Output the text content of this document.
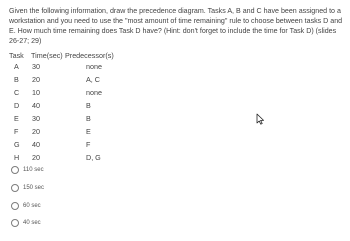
Given the following information, draw the precedence diagram. Tasks A, B and C have been assigned to a workstation and you need to use the "most amount of time remaining" rule to choose between tasks D and E. How much time remaining does Task D have? (Hint: don't forget to include the time for Task D) (slides 26-27; 29)
Task Time(sec) Predecessor(s)
A 30	none
B 20	A, C
C 10	none
D 40	B
E 30	B
F 20	E
G 40	F
H 20	D, G
110 sec
150 sec
60 sec
40 sec
